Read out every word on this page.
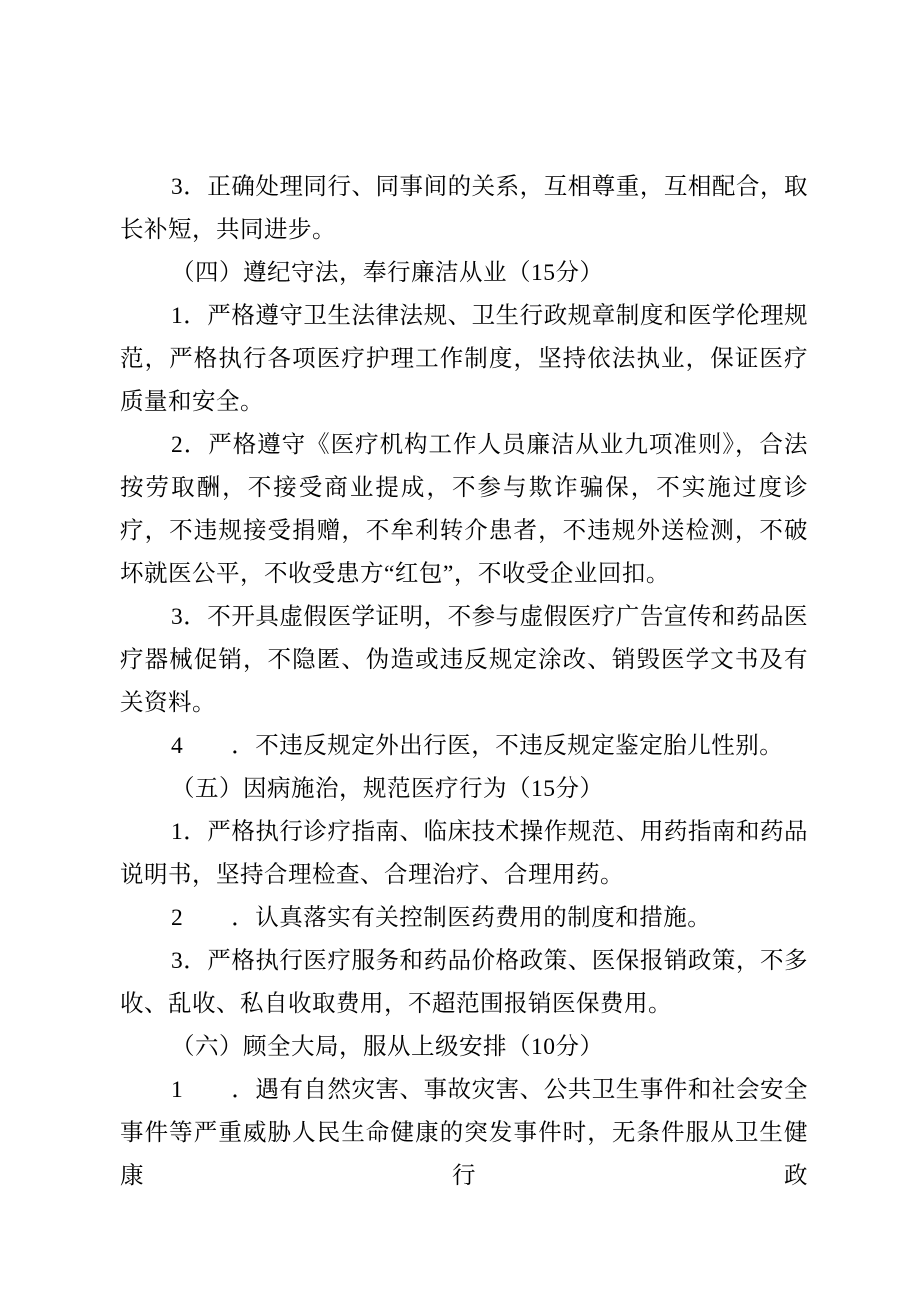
3．正确处理同行、同事间的关系，互相尊重，互相配合，取长补短，共同进步。

（四）遵纪守法，奉行廉洁从业（15分）

1．严格遵守卫生法律法规、卫生行政规章制度和医学伦理规范，严格执行各项医疗护理工作制度，坚持依法执业，保证医疗质量和安全。

2．严格遵守《医疗机构工作人员廉洁从业九项准则》，合法按劳取酬，不接受商业提成，不参与欺诈骗保，不实施过度诊疗，不违规接受捐赠，不牟利转介患者，不违规外送检测，不破坏就医公平，不收受患方“红包”，不收受企业回扣。

3．不开具虚假医学证明，不参与虚假医疗广告宣传和药品医疗器械促销，不隐匿、伪造或违反规定涂改、销毁医学文书及有关资料。

4　　．不违反规定外出行医，不违反规定鉴定胎儿性别。

（五）因病施治，规范医疗行为（15分）

1．严格执行诊疗指南、临床技术操作规范、用药指南和药品说明书，坚持合理检查、合理治疗、合理用药。

2　　．认真落实有关控制医药费用的制度和措施。

3．严格执行医疗服务和药品价格政策、医保报销政策，不多收、乱收、私自收取费用，不超范围报销医保费用。

（六）顾全大局，服从上级安排（10分）

1　　．遇有自然灾害、事故灾害、公共卫生事件和社会安全事件等严重威胁人民生命健康的突发事件时，无条件服从卫生健康行政
